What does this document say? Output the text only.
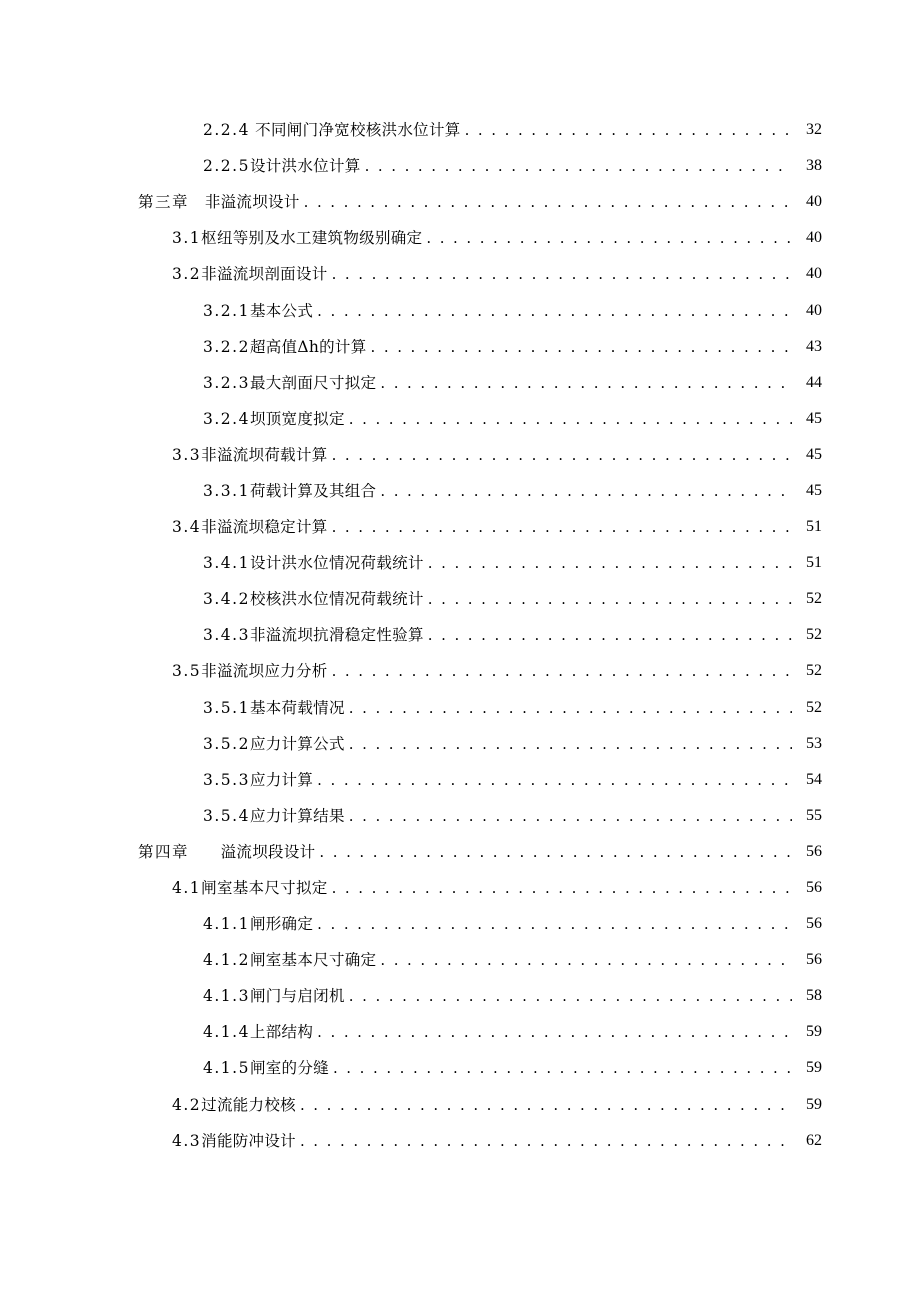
2.2.4 不同闸门净宽校核洪水位计算 . . .	32
2.2.5设计洪水位计算 . . .	38
第三章　非溢流坝设计 . . .	40
3.1枢纽等别及水工建筑物级别确定 . . .	40
3.2非溢流坝剖面设计 . . .	40
3.2.1基本公式 . . .	40
3.2.2超高值Δh的计算 . . .	43
3.2.3最大剖面尺寸拟定 . . .	44
3.2.4坝顶宽度拟定 . . .	45
3.3非溢流坝荷载计算 . . .	45
3.3.1荷载计算及其组合 . . .	45
3.4非溢流坝稳定计算 . . .	51
3.4.1设计洪水位情况荷载统计 . . .	51
3.4.2校核洪水位情况荷载统计 . . .	52
3.4.3非溢流坝抗滑稳定性验算 . . .	52
3.5非溢流坝应力分析 . . .	52
3.5.1基本荷载情况 . . .	52
3.5.2应力计算公式 . . .	53
3.5.3应力计算 . . .	54
3.5.4应力计算结果 . . .	55
第四章　　溢流坝段设计 . . .	56
4.1闸室基本尺寸拟定 . . .	56
4.1.1闸形确定 . . .	56
4.1.2闸室基本尺寸确定 . . .	56
4.1.3闸门与启闭机 . . .	58
4.1.4上部结构 . . .	59
4.1.5闸室的分缝 . . .	59
4.2过流能力校核 . . .	59
4.3消能防冲设计 . . .	62
